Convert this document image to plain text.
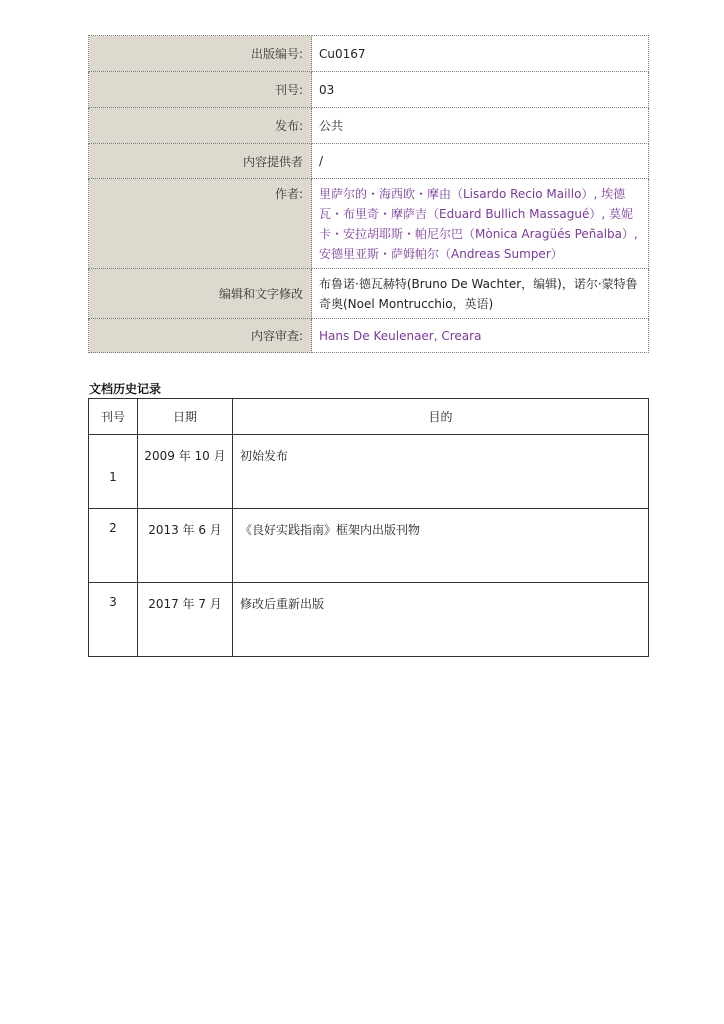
出版编号:	Cu0167
刊号:	03
发布:	公共
内容提供者	/
作者:	里萨尔的・海西欧・摩由（Lisardo Recio Maillo）, 埃德瓦・布里奇・摩萨吉（Eduard Bullich Massagué）, 莫妮卡・安拉胡耶斯・帕尼尔巴（Mònica Aragüés Peñalba）, 安德里亚斯・萨姆帕尔（Andreas Sumper）
编辑和文字修改	布鲁诺·德瓦赫特(Bruno De Wachter，编辑)，诺尔·蒙特鲁奇奥(Noel Montrucchio，英语)
内容审查:	Hans De Keulenaer, Creara
文档历史记录
刊号	日期	目的
1	2009 年 10 月	初始发布
2	2013 年 6 月	《良好实践指南》框架内出版刊物
3	2017 年 7 月	修改后重新出版
